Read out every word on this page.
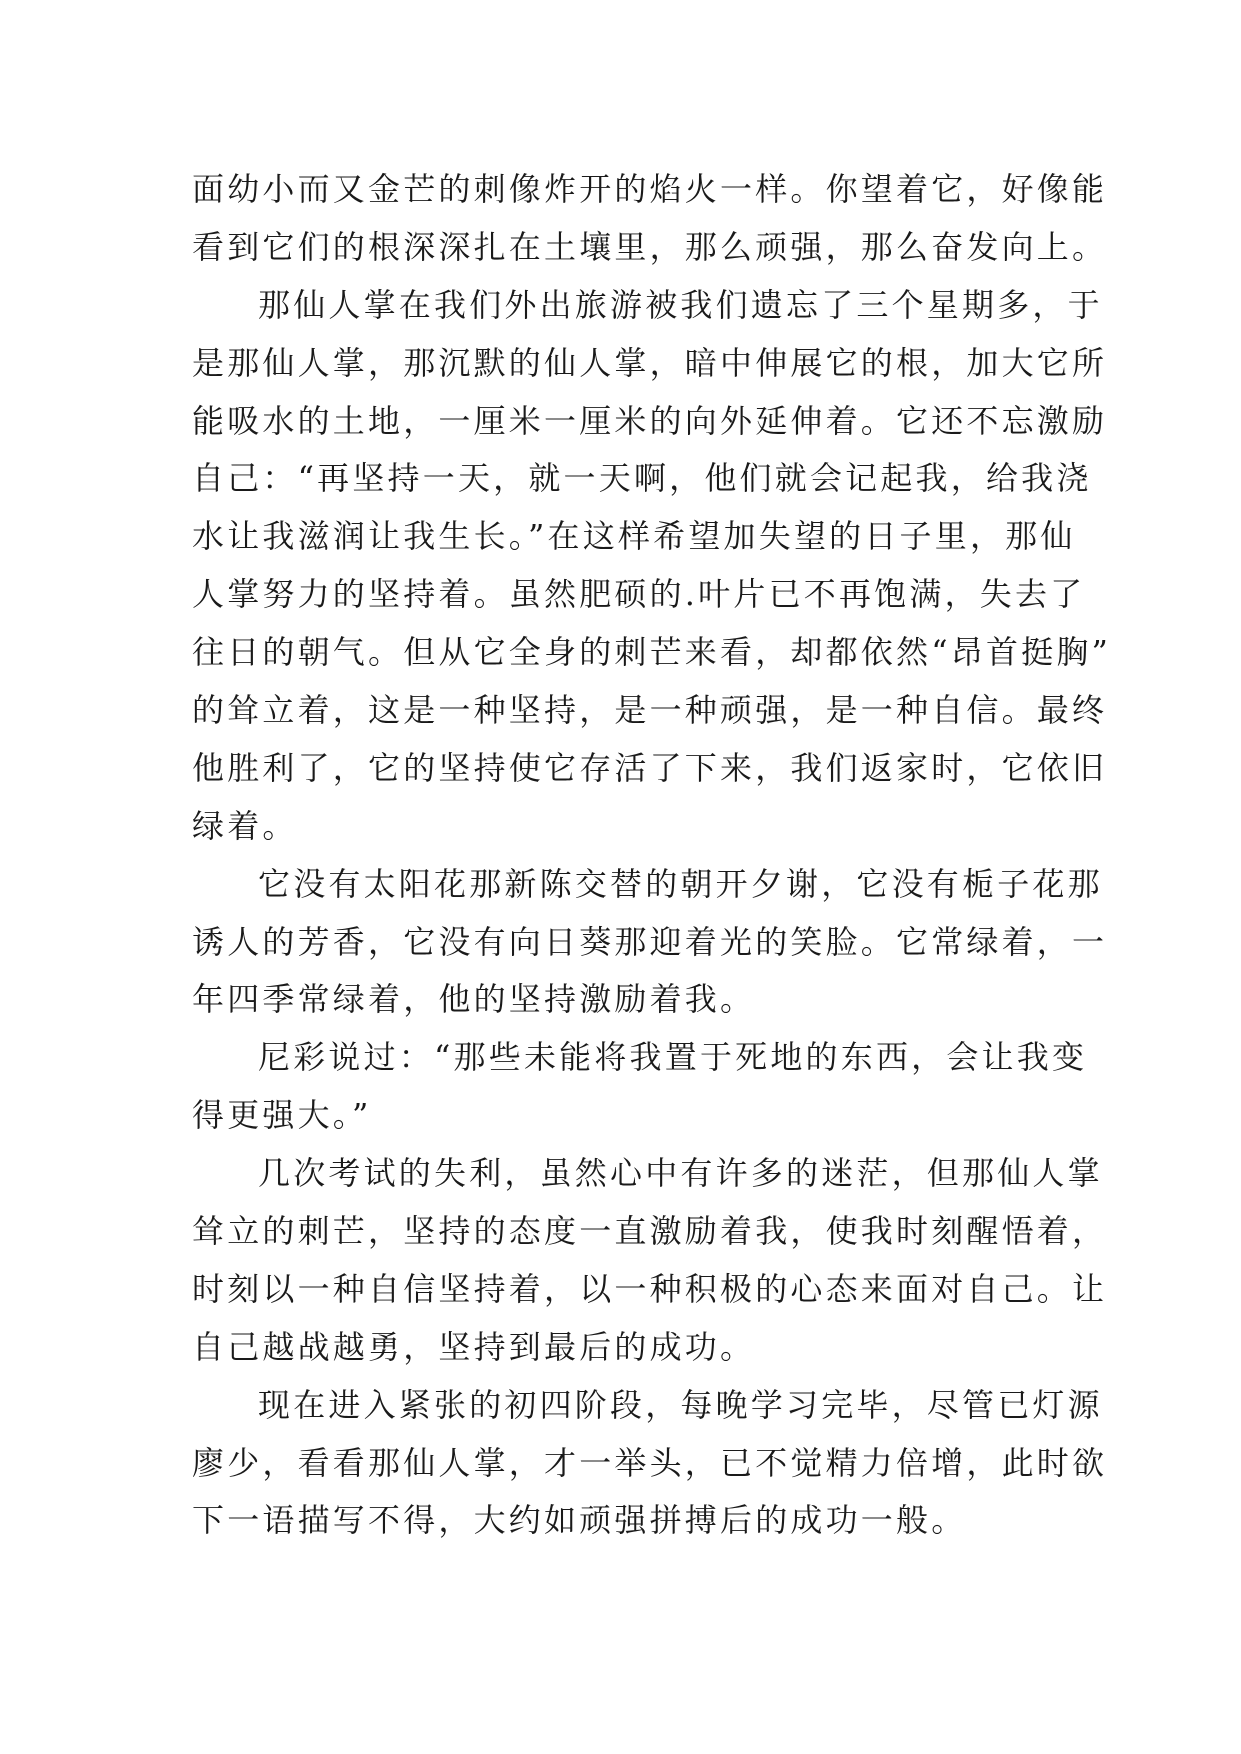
面幼小而又金芒的刺像炸开的焰火一样。你望着它，好像能
看到它们的根深深扎在土壤里，那么顽强，那么奋发向上。
那仙人掌在我们外出旅游被我们遗忘了三个星期多，于
是那仙人掌，那沉默的仙人掌，暗中伸展它的根，加大它所
能吸水的土地，一厘米一厘米的向外延伸着。它还不忘激励
自己：“再坚持一天，就一天啊，他们就会记起我，给我浇
水让我滋润让我生长。”在这样希望加失望的日子里，那仙
人掌努力的坚持着。虽然肥硕的.叶片已不再饱满，失去了
往日的朝气。但从它全身的刺芒来看，却都依然“昂首挺胸”
的耸立着，这是一种坚持，是一种顽强，是一种自信。最终
他胜利了，它的坚持使它存活了下来，我们返家时，它依旧
绿着。
它没有太阳花那新陈交替的朝开夕谢，它没有栀子花那
诱人的芳香，它没有向日葵那迎着光的笑脸。它常绿着，一
年四季常绿着，他的坚持激励着我。
尼彩说过：“那些未能将我置于死地的东西，会让我变
得更强大。”
几次考试的失利，虽然心中有许多的迷茫，但那仙人掌
耸立的刺芒，坚持的态度一直激励着我，使我时刻醒悟着，
时刻以一种自信坚持着，以一种积极的心态来面对自己。让
自己越战越勇，坚持到最后的成功。
现在进入紧张的初四阶段，每晚学习完毕，尽管已灯源
廖少，看看那仙人掌，才一举头，已不觉精力倍增，此时欲
下一语描写不得，大约如顽强拼搏后的成功一般。
